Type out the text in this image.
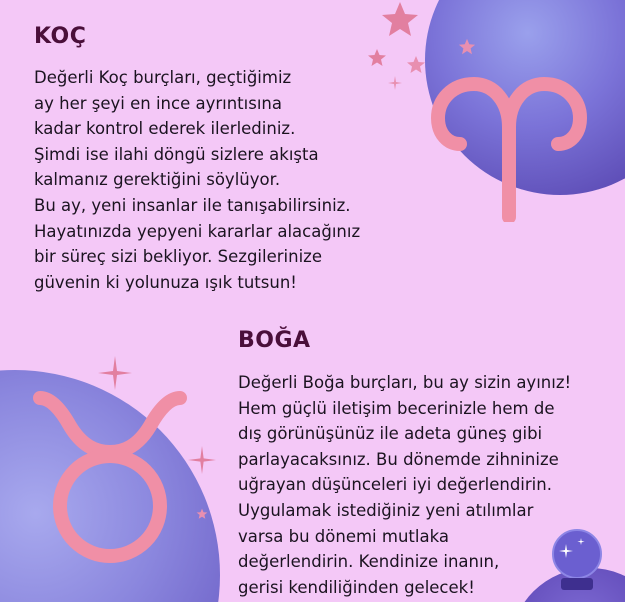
KOÇ

Değerli Koç burçları, geçtiğimiz
ay her şeyi en ince ayrıntısına
kadar kontrol ederek ilerlediniz.
Şimdi ise ilahi döngü sizlere akışta
kalmanız gerektiğini söylüyor.
Bu ay, yeni insanlar ile tanışabilirsiniz.
Hayatınızda yepyeni kararlar alacağınız
bir süreç sizi bekliyor. Sezgilerinize
güvenin ki yolunuza ışık tutsun!

BOĞA

Değerli Boğa burçları, bu ay sizin ayınız!
Hem güçlü iletişim becerinizle hem de
dış görünüşünüz ile adeta güneş gibi
parlayacaksınız. Bu dönemde zihninize
uğrayan düşünceleri iyi değerlendirin.
Uygulamak istediğiniz yeni atılımlar
varsa bu dönemi mutlaka
değerlendirin. Kendinize inanın,
gerisi kendiliğinden gelecek!
